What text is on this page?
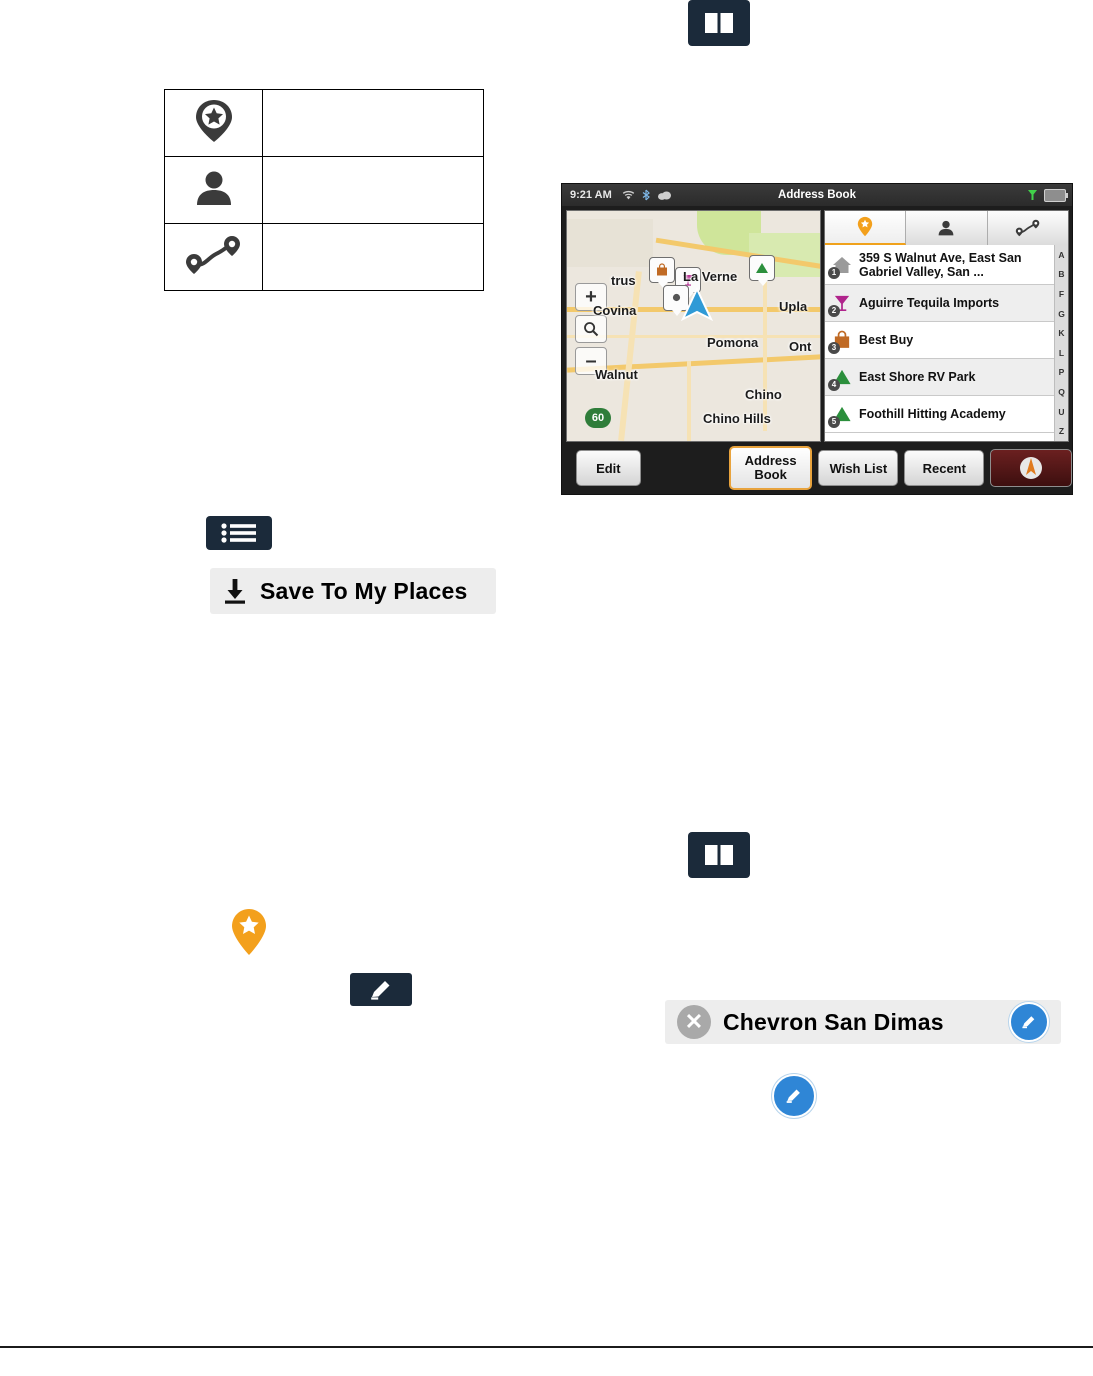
Save To My Places
✕ Chevron San Dimas
9:21 AM	Address Book
60
+
–
trus	La Verne
Covina	Upla
Pomona Ont
Walnut
Chino
Chino Hills
1
359 S Walnut Ave, East San Gabriel Valley, San ...
2
Aguirre Tequila Imports
3
Best Buy
4
East Shore RV Park
5
Foothill Hitting Academy
A
B
F
G
K
L
P
Q
U
Z
Edit	Address Book	Wish List	Recent
